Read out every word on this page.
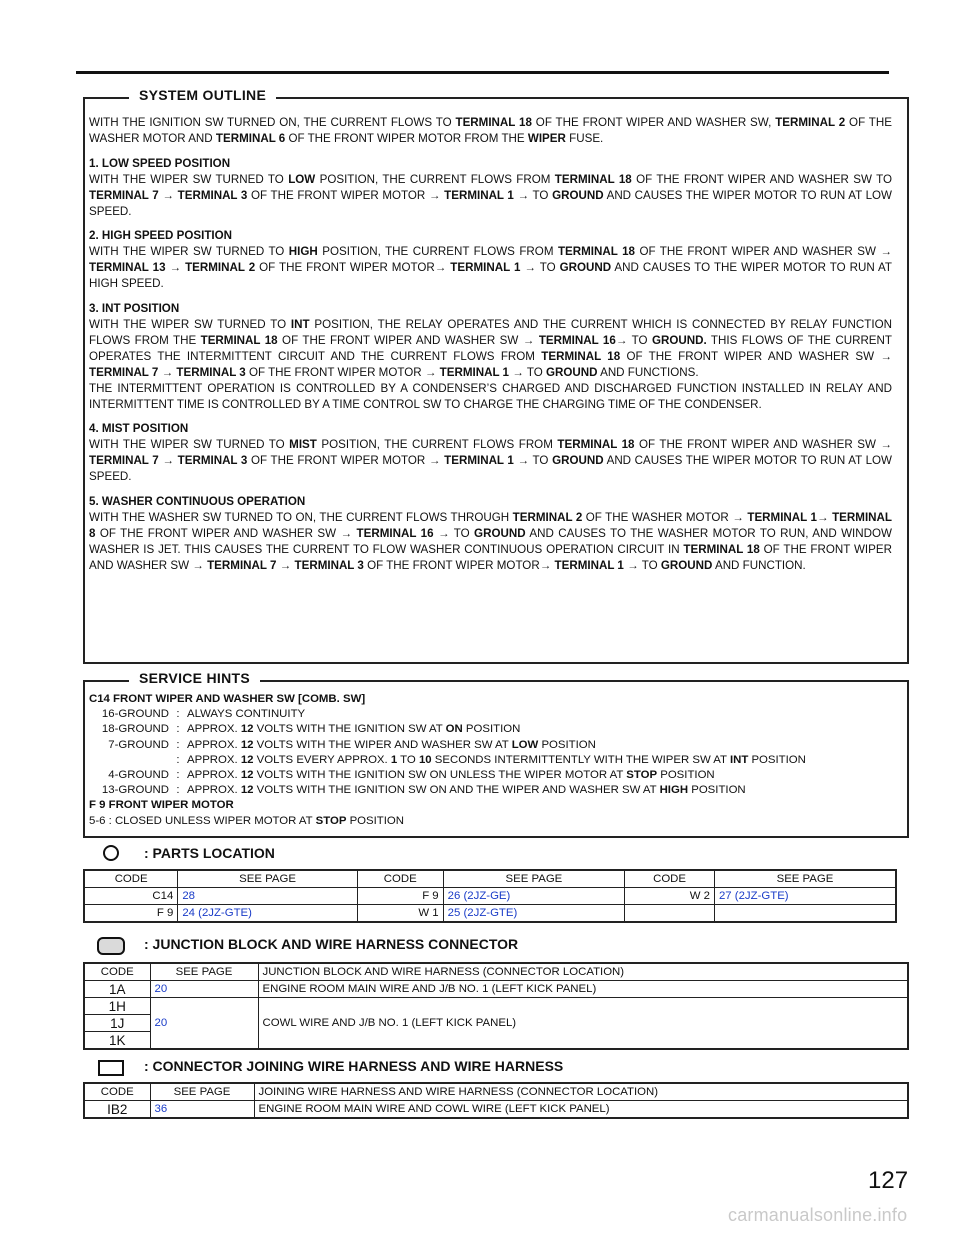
SYSTEM OUTLINE

WITH THE IGNITION SW TURNED ON, THE CURRENT FLOWS TO TERMINAL 18 OF THE FRONT WIPER AND WASHER SW, TERMINAL 2 OF THE WASHER MOTOR AND TERMINAL 6 OF THE FRONT WIPER MOTOR FROM THE WIPER FUSE.

1. LOW SPEED POSITION
WITH THE WIPER SW TURNED TO LOW POSITION, THE CURRENT FLOWS FROM TERMINAL 18 OF THE FRONT WIPER AND WASHER SW TO TERMINAL 7 → TERMINAL 3 OF THE FRONT WIPER MOTOR → TERMINAL 1 → TO GROUND AND CAUSES THE WIPER MOTOR TO RUN AT LOW SPEED.

2. HIGH SPEED POSITION
WITH THE WIPER SW TURNED TO HIGH POSITION, THE CURRENT FLOWS FROM TERMINAL 18 OF THE FRONT WIPER AND WASHER SW → TERMINAL 13 → TERMINAL 2 OF THE FRONT WIPER MOTOR→ TERMINAL 1 → TO GROUND AND CAUSES TO THE WIPER MOTOR TO RUN AT HIGH SPEED.

3. INT POSITION
WITH THE WIPER SW TURNED TO INT POSITION, THE RELAY OPERATES AND THE CURRENT WHICH IS CONNECTED BY RELAY FUNCTION FLOWS FROM THE TERMINAL 18 OF THE FRONT WIPER AND WASHER SW → TERMINAL 16→ TO GROUND. THIS FLOWS OF THE CURRENT OPERATES THE INTERMITTENT CIRCUIT AND THE CURRENT FLOWS FROM TERMINAL 18 OF THE FRONT WIPER AND WASHER SW → TERMINAL 7 → TERMINAL 3 OF THE FRONT WIPER MOTOR → TERMINAL 1 → TO GROUND AND FUNCTIONS.
THE INTERMITTENT OPERATION IS CONTROLLED BY A CONDENSER’S CHARGED AND DISCHARGED FUNCTION INSTALLED IN RELAY AND INTERMITTENT TIME IS CONTROLLED BY A TIME CONTROL SW TO CHARGE THE CHARGING TIME OF THE CONDENSER.

4. MIST POSITION
WITH THE WIPER SW TURNED TO MIST POSITION, THE CURRENT FLOWS FROM TERMINAL 18 OF THE FRONT WIPER AND WASHER SW → TERMINAL 7 → TERMINAL 3 OF THE FRONT WIPER MOTOR → TERMINAL 1 → TO GROUND AND CAUSES THE WIPER MOTOR TO RUN AT LOW SPEED.

5. WASHER CONTINUOUS OPERATION
WITH THE WASHER SW TURNED TO ON, THE CURRENT FLOWS THROUGH TERMINAL 2 OF THE WASHER MOTOR → TERMINAL 1→ TERMINAL 8 OF THE FRONT WIPER AND WASHER SW → TERMINAL 16 → TO GROUND AND CAUSES TO THE WASHER MOTOR TO RUN, AND WINDOW WASHER IS JET. THIS CAUSES THE CURRENT TO FLOW WASHER CONTINUOUS OPERATION CIRCUIT IN TERMINAL 18 OF THE FRONT WIPER AND WASHER SW → TERMINAL 7 → TERMINAL 3 OF THE FRONT WIPER MOTOR→ TERMINAL 1 → TO GROUND AND FUNCTION.

SERVICE HINTS
C14 FRONT WIPER AND WASHER SW [COMB. SW]
16-GROUND : ALWAYS CONTINUITY
18-GROUND : APPROX. 12 VOLTS WITH THE IGNITION SW AT ON POSITION
7-GROUND : APPROX. 12 VOLTS WITH THE WIPER AND WASHER SW AT LOW POSITION
: APPROX. 12 VOLTS EVERY APPROX. 1 TO 10 SECONDS INTERMITTENTLY WITH THE WIPER SW AT INT POSITION
4-GROUND : APPROX. 12 VOLTS WITH THE IGNITION SW ON UNLESS THE WIPER MOTOR AT STOP POSITION
13-GROUND : APPROX. 12 VOLTS WITH THE IGNITION SW ON AND THE WIPER AND WASHER SW AT HIGH POSITION
F 9 FRONT WIPER MOTOR
5-6 : CLOSED UNLESS WIPER MOTOR AT STOP POSITION
: PARTS LOCATION
CODE	SEE PAGE	CODE	SEE PAGE	CODE	SEE PAGE
C14	28	F 9	26 (2JZ-GE)	W 2	27 (2JZ-GTE)
F 9	24 (2JZ-GTE)	W 1	25 (2JZ-GTE)		
: JUNCTION BLOCK AND WIRE HARNESS CONNECTOR
CODE	SEE PAGE	JUNCTION BLOCK AND WIRE HARNESS (CONNECTOR LOCATION)
1A	20	ENGINE ROOM MAIN WIRE AND J/B NO. 1 (LEFT KICK PANEL)
1H	20	COWL WIRE AND J/B NO. 1 (LEFT KICK PANEL)
1J		
1K		
: CONNECTOR JOINING WIRE HARNESS AND WIRE HARNESS
CODE	SEE PAGE	JOINING WIRE HARNESS AND WIRE HARNESS (CONNECTOR LOCATION)
IB2	36	ENGINE ROOM MAIN WIRE AND COWL WIRE (LEFT KICK PANEL)
127
carmanualsonline.info
